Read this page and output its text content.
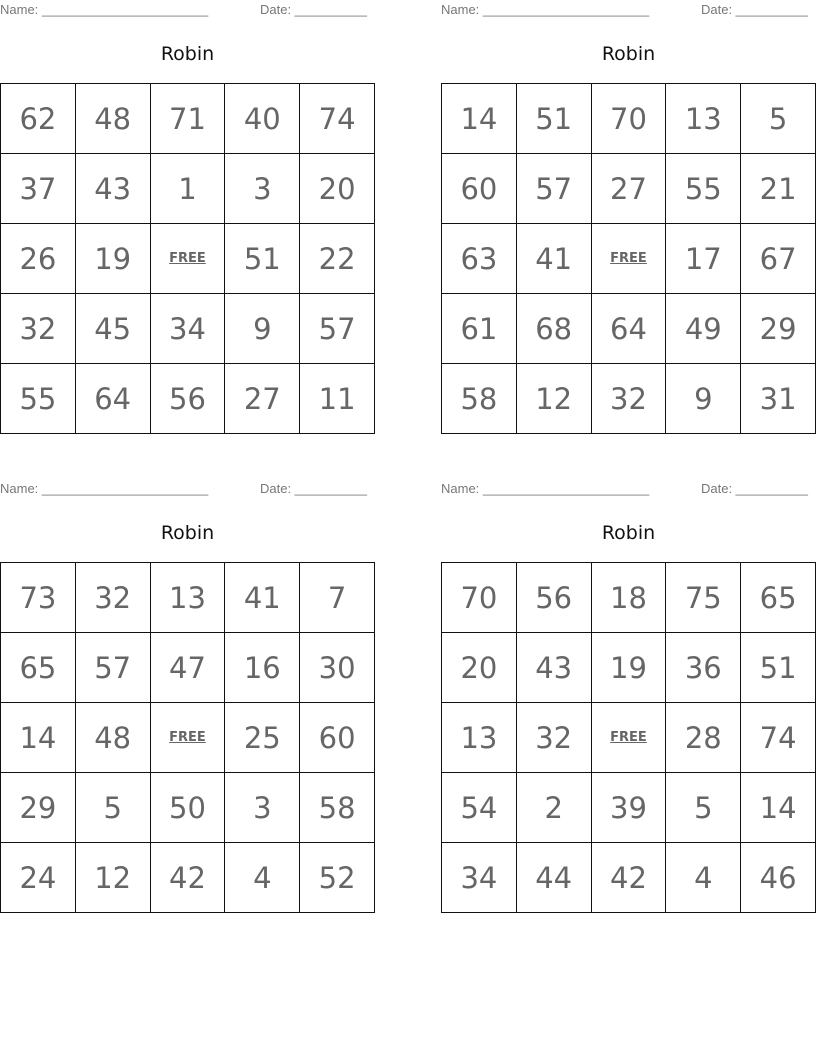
Name: _______________________	Date: __________
Robin
62	48	71	40	74
37	43	1	3	20
26	19	FREE	51	22
32	45	34	9	57
55	64	56	27	11
Name: _______________________	Date: __________
Robin
14	51	70	13	5
60	57	27	55	21
63	41	FREE	17	67
61	68	64	49	29
58	12	32	9	31
Name: _______________________	Date: __________
Robin
73	32	13	41	7
65	57	47	16	30
14	48	FREE	25	60
29	5	50	3	58
24	12	42	4	52
Name: _______________________	Date: __________
Robin
70	56	18	75	65
20	43	19	36	51
13	32	FREE	28	74
54	2	39	5	14
34	44	42	4	46
